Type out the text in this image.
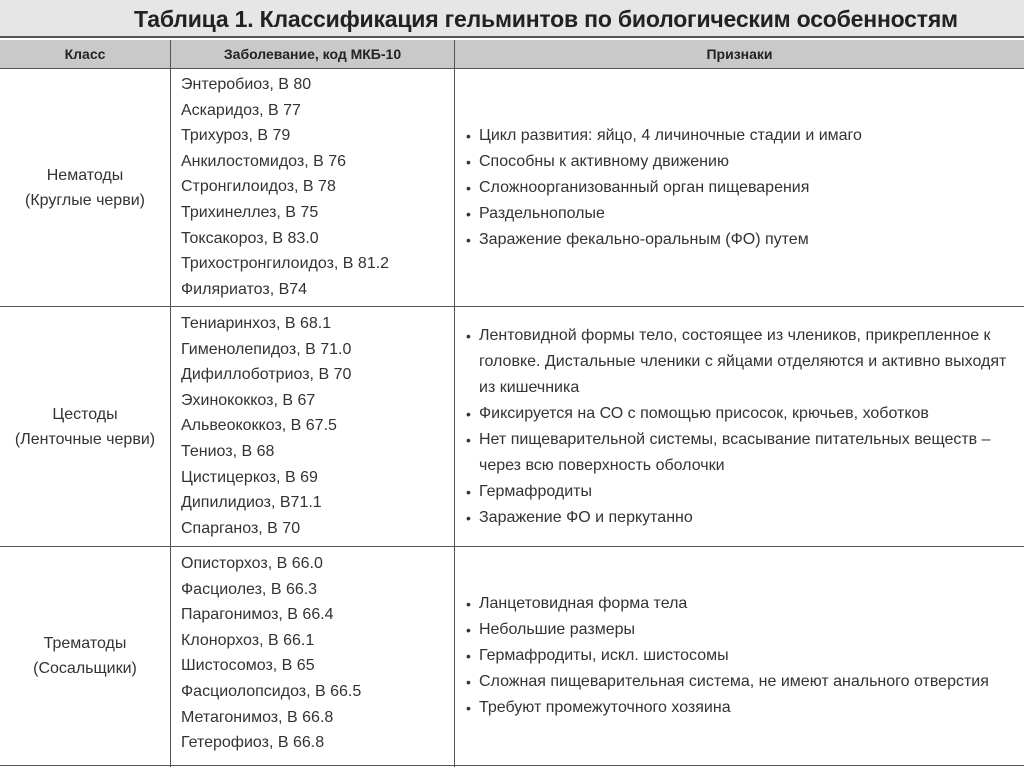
Таблица 1. Классификация гельминтов по биологическим особенностям
Класс	Заболевание, код МКБ-10	Признаки
Нематоды
(Круглые черви)
Энтеробиоз, В 80
Аскаридоз, В 77
Трихуроз, В 79
Анкилостомидоз, В 76
Стронгилоидоз, В 78
Трихинеллез, В 75
Токсакороз, В 83.0
Трихостронгилоидоз, В 81.2
Филяриатоз, В74
• Цикл развития: яйцо, 4 личиночные стадии и имаго
• Способны к активному движению
• Сложноорганизованный орган пищеварения
• Раздельнополые
• Заражение фекально-оральным (ФО) путем
Цестоды
(Ленточные черви)
Тениаринхоз, В 68.1
Гименолепидоз, В 71.0
Дифиллоботриоз, В 70
Эхинококкоз, В 67
Альвеококкоз, В 67.5
Тениоз, В 68
Цистицеркоз, В 69
Дипилидиоз, В71.1
Спарганоз, В 70
• Лентовидной формы тело, состоящее из члеников, прикрепленное к головке. Дистальные членики с яйцами отделяются и активно выходят из кишечника
• Фиксируется на СО с помощью присосок, крючьев, хоботков
• Нет пищеварительной системы, всасывание питательных веществ – через всю поверхность оболочки
• Гермафродиты
• Заражение ФО и перкутанно
Трематоды
(Сосальщики)
Описторхоз, В 66.0
Фасциолез, В 66.3
Парагонимоз, В 66.4
Клонорхоз, В 66.1
Шистосомоз, В 65
Фасциолопсидоз, В 66.5
Метагонимоз, В 66.8
Гетерофиоз, В 66.8
• Ланцетовидная форма тела
• Небольшие размеры
• Гермафродиты, искл. шистосомы
• Сложная пищеварительная система, не имеют анального отверстия
• Требуют промежуточного хозяина
